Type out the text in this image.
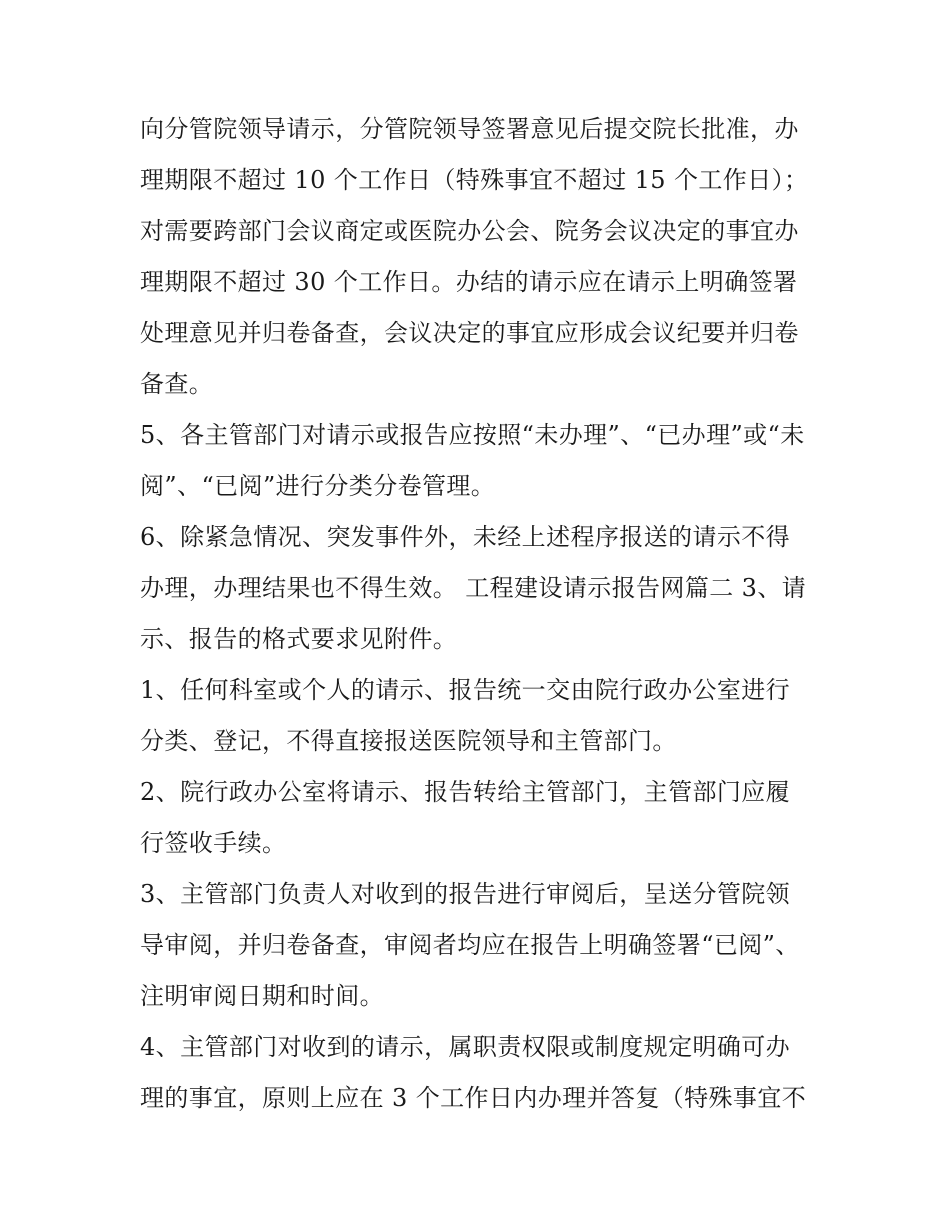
向分管院领导请示，分管院领导签署意见后提交院长批准，办
理期限不超过 10 个工作日（特殊事宜不超过 15 个工作日）；
对需要跨部门会议商定或医院办公会、院务会议决定的事宜办
理期限不超过 30 个工作日。办结的请示应在请示上明确签署
处理意见并归卷备查，会议决定的事宜应形成会议纪要并归卷
备查。
5、各主管部门对请示或报告应按照“未办理”、“已办理”或“未
阅”、“已阅”进行分类分卷管理。
6、除紧急情况、突发事件外，未经上述程序报送的请示不得
办理，办理结果也不得生效。 工程建设请示报告网篇二 3、请
示、报告的格式要求见附件。
1、任何科室或个人的请示、报告统一交由院行政办公室进行
分类、登记，不得直接报送医院领导和主管部门。
2、院行政办公室将请示、报告转给主管部门，主管部门应履
行签收手续。
3、主管部门负责人对收到的报告进行审阅后，呈送分管院领
导审阅，并归卷备查，审阅者均应在报告上明确签署“已阅”、
注明审阅日期和时间。
4、主管部门对收到的请示，属职责权限或制度规定明确可办
理的事宜，原则上应在 3 个工作日内办理并答复（特殊事宜不
